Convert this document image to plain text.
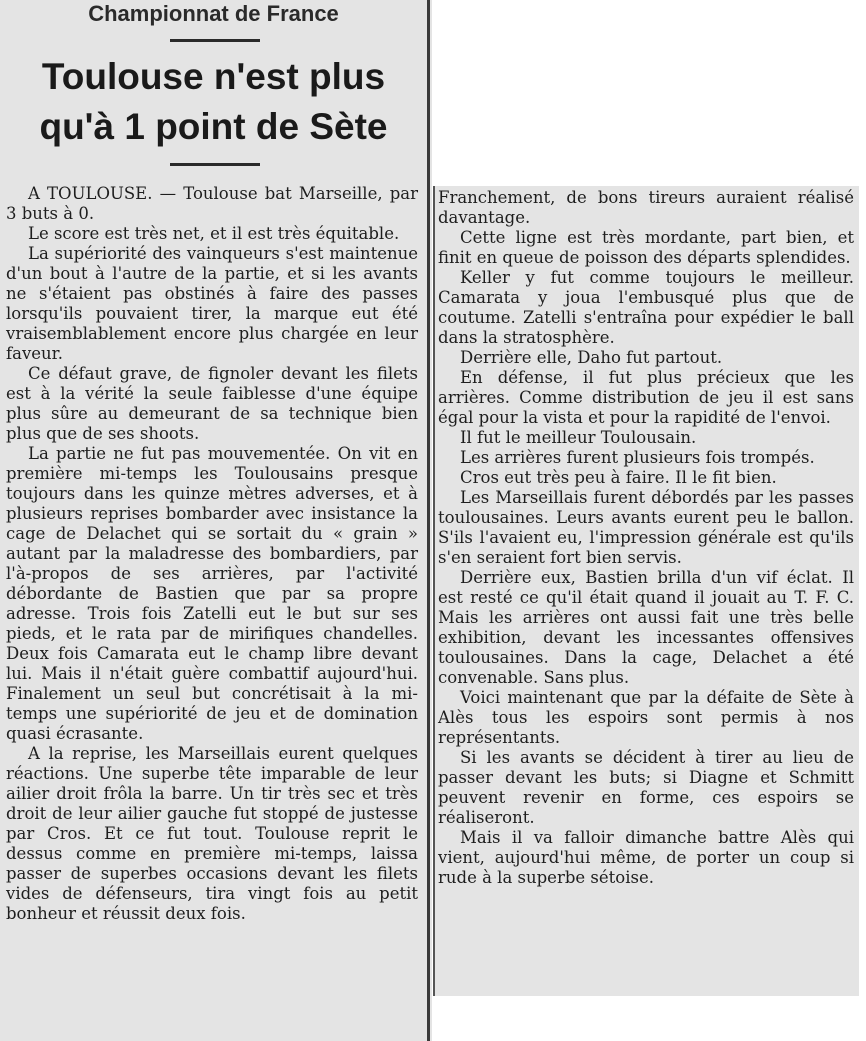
Championnat de France
Toulouse n'est plus
qu'à 1 point de Sète

A TOULOUSE. — Toulouse bat Marseille, par 3 buts à 0.

Le score est très net, et il est très équitable.

La supériorité des vainqueurs s'est maintenue d'un bout à l'autre de la partie, et si les avants ne s'étaient pas obstinés à faire des passes lorsqu'ils pouvaient tirer, la marque eut été vraisemblablement encore plus chargée en leur faveur.

Ce défaut grave, de fignoler devant les filets est à la vérité la seule faiblesse d'une équipe plus sûre au demeurant de sa technique bien plus que de ses shoots.

La partie ne fut pas mouvementée. On vit en première mi-temps les Toulousains presque toujours dans les quinze mètres adverses, et à plusieurs reprises bombarder avec insistance la cage de Delachet qui se sortait du « grain » autant par la maladresse des bombardiers, par l'à-propos de ses arrières, par l'activité débordante de Bastien que par sa propre adresse. Trois fois Zatelli eut le but sur ses pieds, et le rata par de mirifiques chandelles. Deux fois Camarata eut le champ libre devant lui. Mais il n'était guère combattif aujourd'hui. Finalement un seul but concrétisait à la mi-temps une supériorité de jeu et de domination quasi écrasante.

A la reprise, les Marseillais eurent quelques réactions. Une superbe tête imparable de leur ailier droit frôla la barre. Un tir très sec et très droit de leur ailier gauche fut stoppé de justesse par Cros. Et ce fut tout. Toulouse reprit le dessus comme en première mi-temps, laissa passer de superbes occasions devant les filets vides de défenseurs, tira vingt fois au petit bonheur et réussit deux fois.

Franchement, de bons tireurs auraient réalisé davantage.

Cette ligne est très mordante, part bien, et finit en queue de poisson des départs splendides.

Keller y fut comme toujours le meilleur. Camarata y joua l'embusqué plus que de coutume. Zatelli s'entraîna pour expédier le ball dans la stratosphère.

Derrière elle, Daho fut partout.

En défense, il fut plus précieux que les arrières. Comme distribution de jeu il est sans égal pour la vista et pour la rapidité de l'envoi.

Il fut le meilleur Toulousain.

Les arrières furent plusieurs fois trompés.

Cros eut très peu à faire. Il le fit bien.

Les Marseillais furent débordés par les passes toulousaines. Leurs avants eurent peu le ballon. S'ils l'avaient eu, l'impression générale est qu'ils s'en seraient fort bien servis.

Derrière eux, Bastien brilla d'un vif éclat. Il est resté ce qu'il était quand il jouait au T. F. C. Mais les arrières ont aussi fait une très belle exhibition, devant les incessantes offensives toulousaines. Dans la cage, Delachet a été convenable. Sans plus.

Voici maintenant que par la défaite de Sète à Alès tous les espoirs sont permis à nos représentants.

Si les avants se décident à tirer au lieu de passer devant les buts; si Diagne et Schmitt peuvent revenir en forme, ces espoirs se réaliseront.

Mais il va falloir dimanche battre Alès qui vient, aujourd'hui même, de porter un coup si rude à la superbe sétoise.
